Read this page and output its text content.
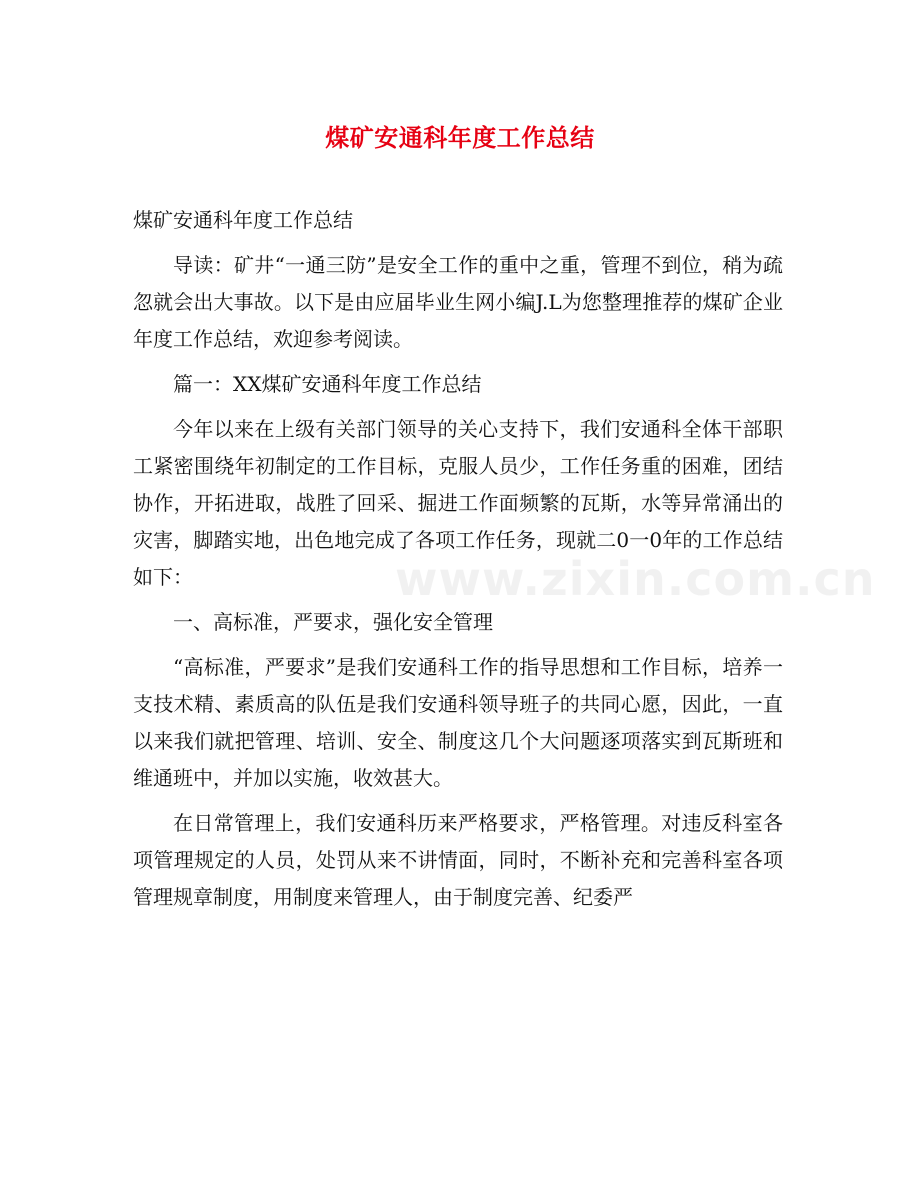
煤矿安通科年度工作总结

煤矿安通科年度工作总结

导读：矿井“一通三防”是安全工作的重中之重，管理不到位，稍为疏忽就会出大事故。以下是由应届毕业生网小编J.L为您整理推荐的煤矿企业年度工作总结，欢迎参考阅读。

篇一：XX煤矿安通科年度工作总结

今年以来在上级有关部门领导的关心支持下，我们安通科全体干部职工紧密围绕年初制定的工作目标，克服人员少，工作任务重的困难，团结协作，开拓进取，战胜了回采、掘进工作面频繁的瓦斯，水等异常涌出的灾害，脚踏实地，出色地完成了各项工作任务，现就二0一0年的工作总结如下：

一、高标准，严要求，强化安全管理

“高标准，严要求”是我们安通科工作的指导思想和工作目标，培养一支技术精、素质高的队伍是我们安通科领导班子的共同心愿，因此，一直以来我们就把管理、培训、安全、制度这几个大问题逐项落实到瓦斯班和维通班中，并加以实施，收效甚大。

在日常管理上，我们安通科历来严格要求，严格管理。对违反科室各项管理规定的人员，处罚从来不讲情面，同时，不断补充和完善科室各项管理规章制度，用制度来管理人，由于制度完善、纪委严

www.zixin.com.cn
